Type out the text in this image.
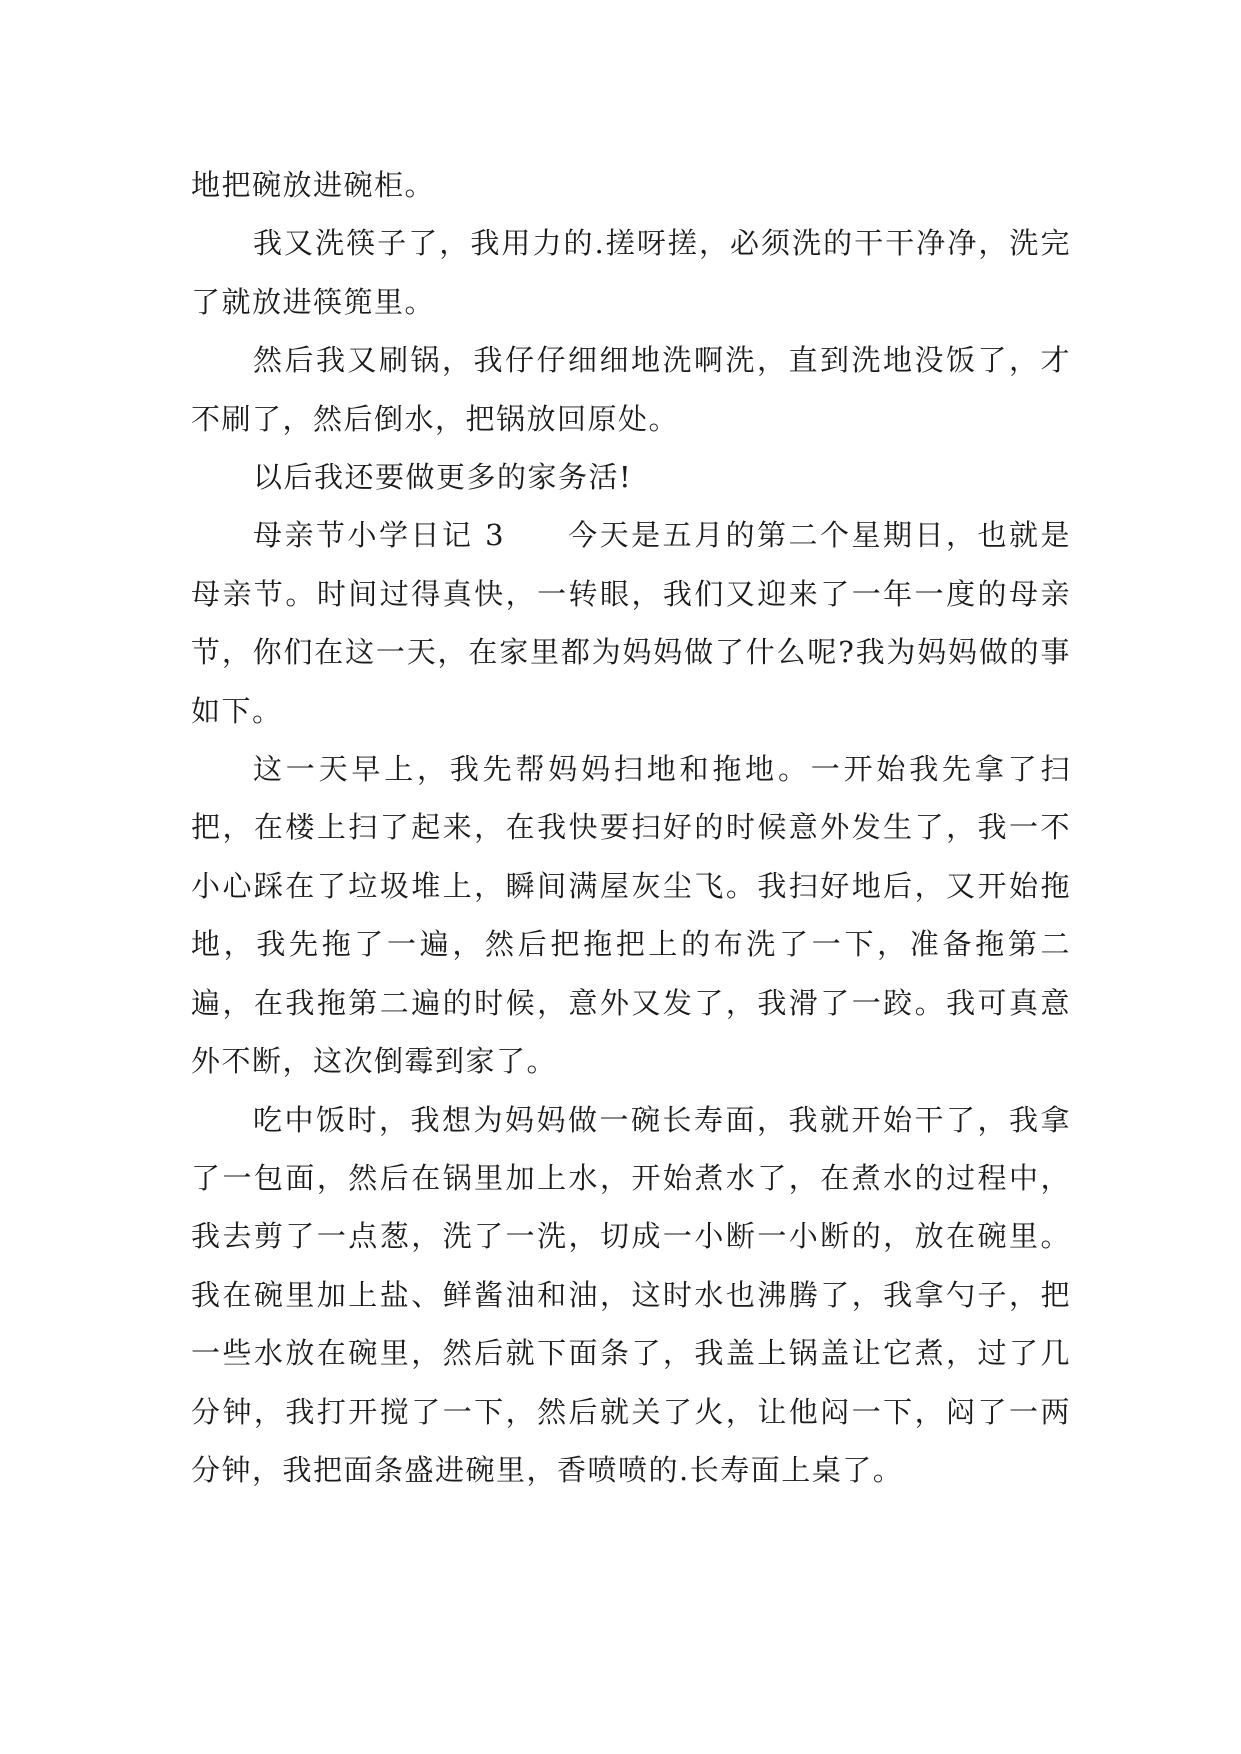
地把碗放进碗柜。

我又洗筷子了，我用力的.搓呀搓，必须洗的干干净净，洗完了就放进筷篼里。

然后我又刷锅，我仔仔细细地洗啊洗，直到洗地没饭了，才不刷了，然后倒水，把锅放回原处。

以后我还要做更多的家务活!

母亲节小学日记 3 今天是五月的第二个星期日，也就是母亲节。时间过得真快，一转眼，我们又迎来了一年一度的母亲节，你们在这一天，在家里都为妈妈做了什么呢?我为妈妈做的事如下。

这一天早上，我先帮妈妈扫地和拖地。一开始我先拿了扫把，在楼上扫了起来，在我快要扫好的时候意外发生了，我一不小心踩在了垃圾堆上，瞬间满屋灰尘飞。我扫好地后，又开始拖地，我先拖了一遍，然后把拖把上的布洗了一下，准备拖第二遍，在我拖第二遍的时候，意外又发了，我滑了一跤。我可真意外不断，这次倒霉到家了。

吃中饭时，我想为妈妈做一碗长寿面，我就开始干了，我拿了一包面，然后在锅里加上水，开始煮水了，在煮水的过程中，我去剪了一点葱，洗了一洗，切成一小断一小断的，放在碗里。我在碗里加上盐、鲜酱油和油，这时水也沸腾了，我拿勺子，把一些水放在碗里，然后就下面条了，我盖上锅盖让它煮，过了几分钟，我打开搅了一下，然后就关了火，让他闷一下，闷了一两分钟，我把面条盛进碗里，香喷喷的.长寿面上桌了。
